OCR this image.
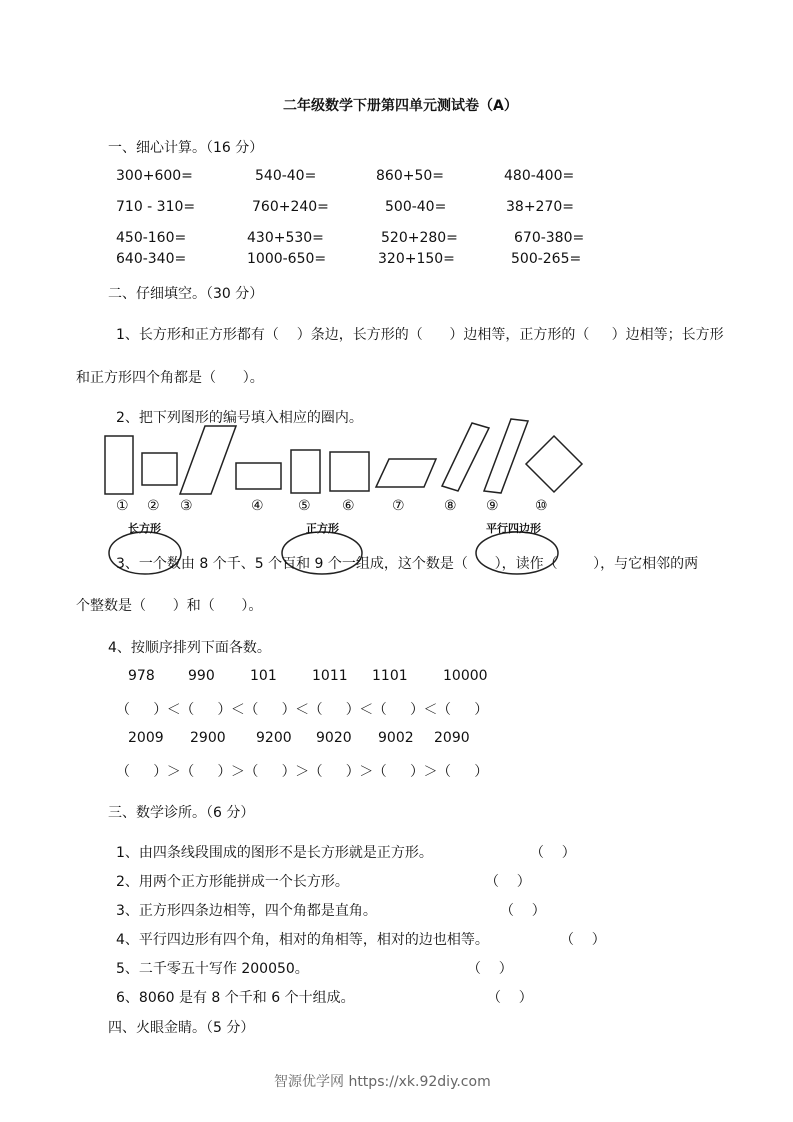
二年级数学下册第四单元测试卷（A）
一、细心计算。（16 分）
300+600=	540-40=	860+50=	480-400=
710 - 310=	760+240=	500-40=	38+270=
450-160=	430+530=	520+280=	670-380=
640-340=	1000-650=	320+150=	500-265=
二、仔细填空。（30 分）
1、长方形和正方形都有（    ）条边，长方形的（      ）边相等，正方形的（     ）边相等；长方形
和正方形四个角都是（      ）。
2、把下列图形的编号填入相应的圈内。
① ② ③	④ ⑤ ⑥	⑦	⑧ ⑨	⑩
长方形	正方形	平行四边形
3、一个数由 8 个千、5 个百和 9 个一组成，这个数是（      ），读作（        ），与它相邻的两
个整数是（      ）和（      ）。
4、按顺序排列下面各数。
978 990	101	1011 1101	10000
（      ）＜（      ）＜（      ）＜（      ）＜（      ）＜（      ）
2009 2900 9200 9020 9002 2090
（      ）＞（      ）＞（      ）＞（      ）＞（      ）＞（      ）
三、数学诊所。（6 分）
1、由四条线段围成的图形不是长方形就是正方形。	（    ）
2、用两个正方形能拼成一个长方形。	（    ）
3、正方形四条边相等，四个角都是直角。	（    ）
4、平行四边形有四个角，相对的角相等，相对的边也相等。	（    ）
5、二千零五十写作 200050。	（    ）
6、8060 是有 8 个千和 6 个十组成。	（    ）
四、火眼金睛。（5 分）
智源优学网 https://xk.92diy.com
